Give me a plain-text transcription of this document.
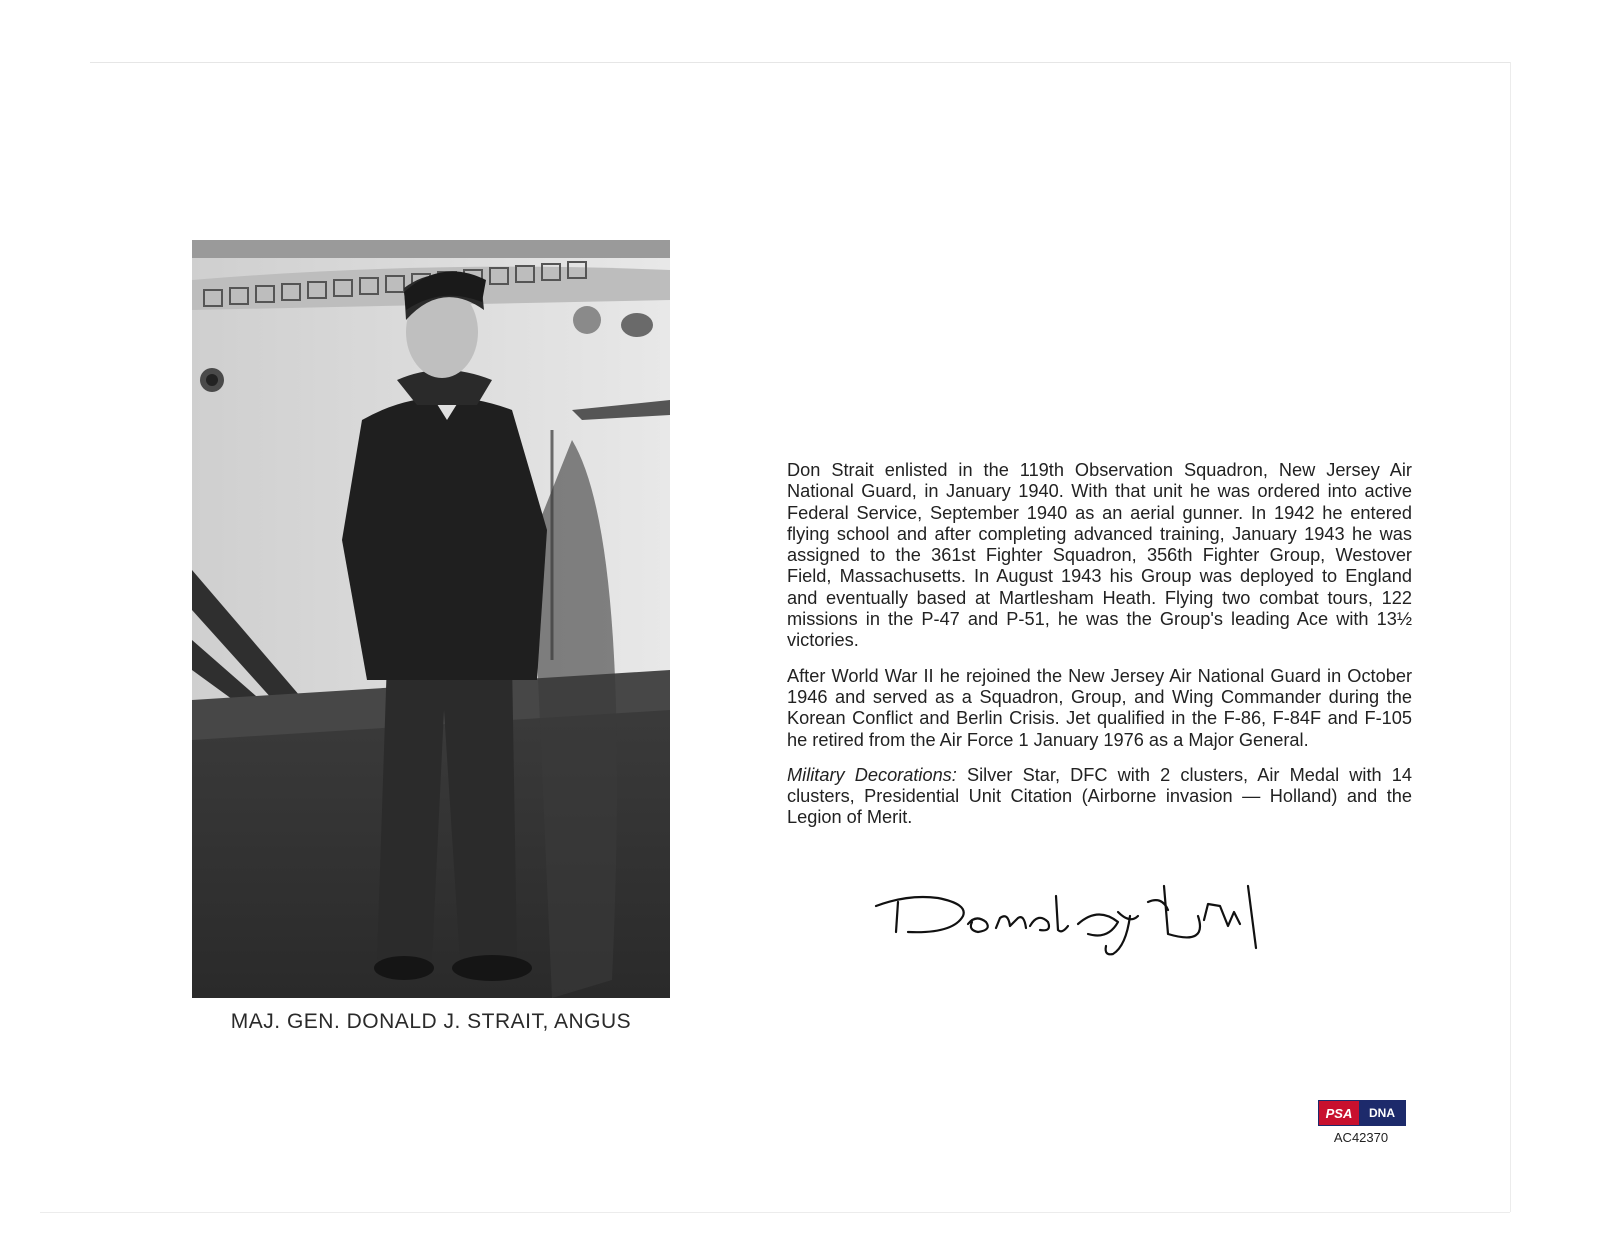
MAJ. GEN. DONALD J. STRAIT, ANGUS

Don Strait enlisted in the 119th Observation Squadron, New Jersey Air National Guard, in January 1940. With that unit he was ordered into active Federal Service, September 1940 as an aerial gunner. In 1942 he entered flying school and after completing advanced training, January 1943 he was assigned to the 361st Fighter Squadron, 356th Fighter Group, Westover Field, Massachusetts. In August 1943 his Group was deployed to England and eventually based at Martlesham Heath. Flying two combat tours, 122 missions in the P-47 and P-51, he was the Group's leading Ace with 13½ victories.

After World War II he rejoined the New Jersey Air National Guard in October 1946 and served as a Squadron, Group, and Wing Commander during the Korean Conflict and Berlin Crisis. Jet qualified in the F-86, F-84F and F-105 he retired from the Air Force 1 January 1976 as a Major General.

Military Decorations: Silver Star, DFC with 2 clusters, Air Medal with 14 clusters, Presidential Unit Citation (Airborne invasion — Holland) and the Legion of Merit.

PSA	DNA
AC42370
